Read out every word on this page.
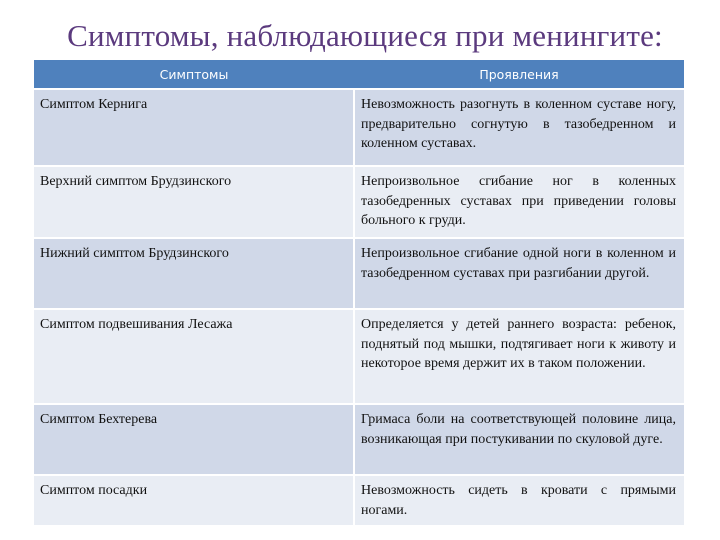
Симптомы, наблюдающиеся при менингите:
Симптомы	Проявления
Симптом Кернига	Невозможность разогнуть в коленном суставе ногу, предварительно согнутую в тазобедренном и коленном суставах.
Верхний симптом Брудзинского	Непроизвольное сгибание ног в коленных тазобедренных суставах при приведении головы больного к груди.
Нижний симптом Брудзинского	Непроизвольное сгибание одной ноги в коленном и тазобедренном суставах при разгибании другой.
Симптом подвешивания Лесажа	Определяется у детей раннего возраста: ребенок, поднятый под мышки, подтягивает ноги к животу и некоторое время держит их в таком положении.
Симптом Бехтерева	Гримаса боли на соответствующей половине лица, возникающая при постукивании по скуловой дуге.
Симптом посадки	Невозможность сидеть в кровати с прямыми ногами.
